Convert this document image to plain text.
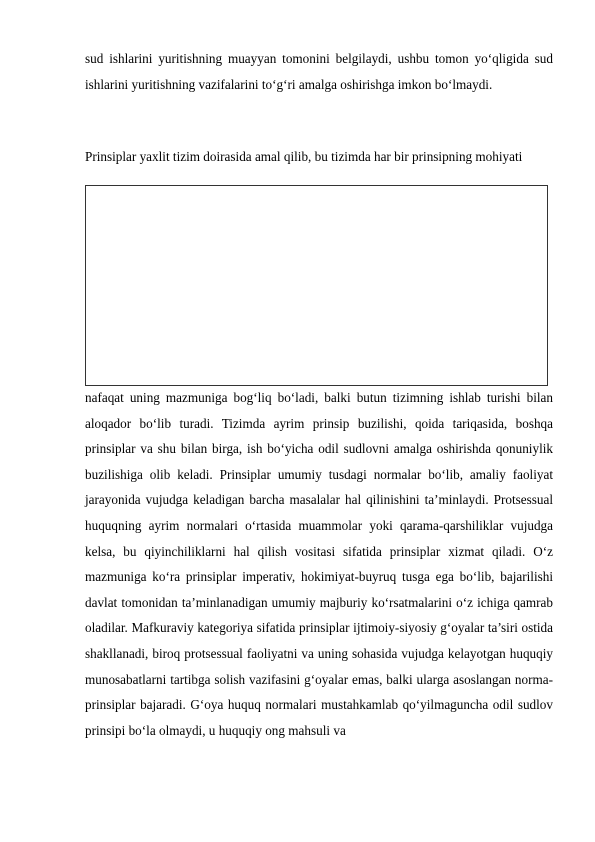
sud ishlarini yuritishning muayyan tomonini belgilaydi, ushbu tomon yo‘qligida sud ishlarini yuritishning vazifalarini to‘g‘ri amalga oshirishga imkon bo‘lmaydi.
Prinsiplar yaxlit tizim doirasida amal qilib, bu tizimda har bir prinsipning mohiyati
nafaqat uning mazmuniga bog‘liq bo‘ladi, balki butun tizimning ishlab turishi bilan aloqador bo‘lib turadi. Tizimda ayrim prinsip buzilishi, qoida tariqasida, boshqa prinsiplar va shu bilan birga, ish bo‘yicha odil sudlovni amalga oshirishda qonuniylik buzilishiga olib keladi. Prinsiplar umumiy tusdagi normalar bo‘lib, amaliy faoliyat jarayonida vujudga keladigan barcha masalalar hal qilinishini ta’minlaydi. Protsessual huquqning ayrim normalari o‘rtasida muammolar yoki qarama-qarshiliklar vujudga kelsa, bu qiyinchiliklarni hal qilish vositasi sifatida prinsiplar xizmat qiladi. O‘z mazmuniga ko‘ra prinsiplar imperativ, hokimiyat-buyruq tusga ega bo‘lib, bajarilishi davlat tomonidan ta’minlanadigan umumiy majburiy ko‘rsatmalarini o‘z ichiga qamrab oladilar. Mafkuraviy kategoriya sifatida prinsiplar ijtimoiy-siyosiy g‘oyalar ta’siri ostida shakllanadi, biroq protsessual faoliyatni va uning sohasida vujudga kelayotgan huquqiy munosabatlarni tartibga solish vazifasini g‘oyalar emas, balki ularga asoslangan norma-prinsiplar bajaradi. G‘oya huquq normalari mustahkamlab qo‘yilmaguncha odil sudlov prinsipi bo‘la olmaydi, u huquqiy ong mahsuli va
